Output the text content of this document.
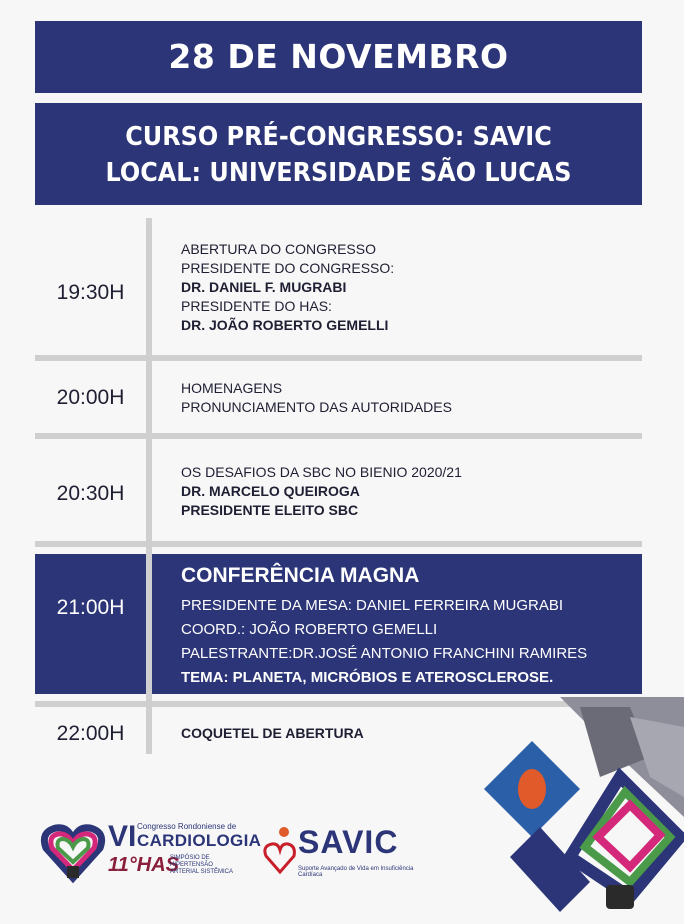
28 DE NOVEMBRO
CURSO PRÉ-CONGRESSO: SAVIC
LOCAL: UNIVERSIDADE SÃO LUCAS
19:30H
ABERTURA DO CONGRESSO
PRESIDENTE DO CONGRESSO:
DR. DANIEL F. MUGRABI
PRESIDENTE DO HAS:
DR. JOÃO ROBERTO GEMELLI
20:00H	HOMENAGENS
PRONUNCIAMENTO DAS AUTORIDADES
20:30H
OS DESAFIOS DA SBC NO BIENIO 2020/21
DR. MARCELO QUEIROGA
PRESIDENTE ELEITO SBC
21:00H
CONFERÊNCIA MAGNA
PRESIDENTE DA MESA: DANIEL FERREIRA MUGRABI
COORD.: JOÃO ROBERTO GEMELLI
PALESTRANTE:DR.JOSÉ ANTONIO FRANCHINI RAMIRES
TEMA: PLANETA, MICRÓBIOS E ATEROSCLEROSE.
22:00H	COQUETEL DE ABERTURA
VI Congresso Rondoniense de
CARDIOLOGIA
11°HAS
SIMPÓSIO DE
HIPERTENSÃO
ARTERIAL SISTÊMICA
SAVIC
Suporte Avançado de Vida em Insuficiência Cardíaca
